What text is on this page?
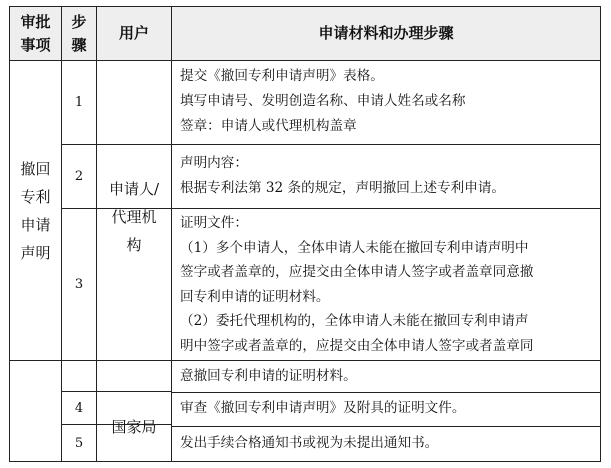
审批
事项
步
骤
用户	申请材料和办理步骤
撤回
专利
申请
声明
申请人/
代理机
构
1
2
3
4
5
提交《撤回专利申请声明》表格。
填写申请号、发明创造名称、申请人姓名或名称
签章：申请人或代理机构盖章
声明内容：
根据专利法第 32 条的规定，声明撤回上述专利申请。
证明文件：
（1）多个申请人，全体申请人未能在撤回专利申请声明中
签字或者盖章的，应提交由全体申请人签字或者盖章同意撤
回专利申请的证明材料。
（2）委托代理机构的，全体申请人未能在撤回专利申请声
明中签字或者盖章的，应提交由全体申请人签字或者盖章同
意撤回专利申请的证明材料。
国家局
审查《撤回专利申请声明》及附具的证明文件。
发出手续合格通知书或视为未提出通知书。
